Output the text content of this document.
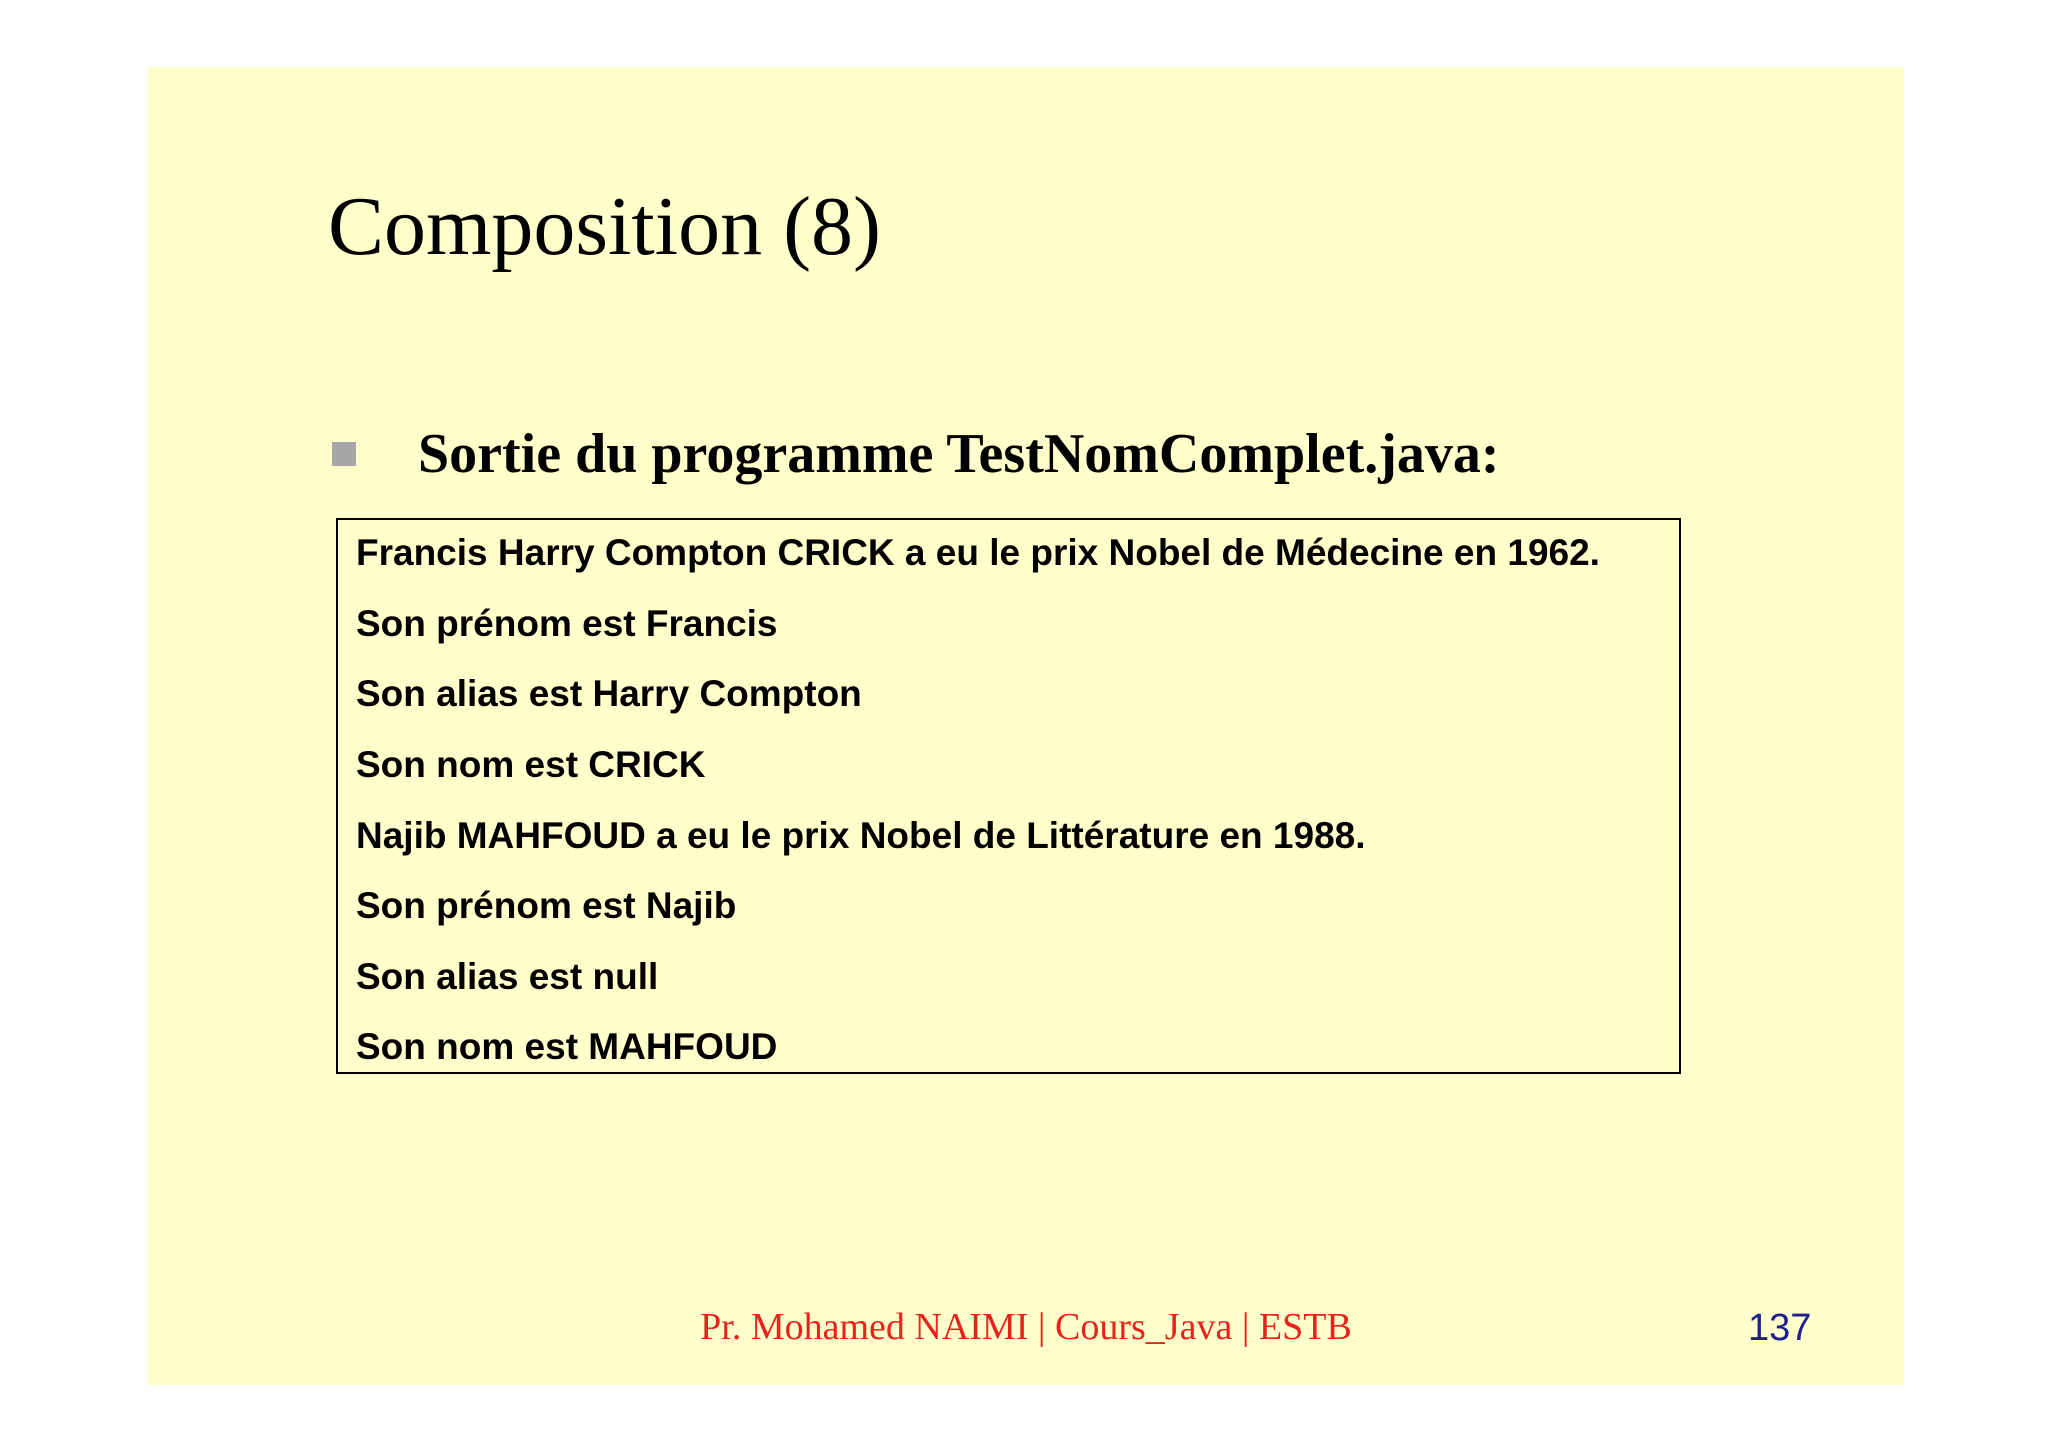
Composition (8)
Sortie du programme TestNomComplet.java:
Francis Harry Compton CRICK a eu le prix Nobel de Médecine en 1962.
Son prénom est Francis
Son alias est Harry Compton
Son nom est CRICK
Najib MAHFOUD a eu le prix Nobel de Littérature en 1988.
Son prénom est Najib
Son alias est null
Son nom est MAHFOUD
Pr. Mohamed NAIMI | Cours_Java | ESTB	137
